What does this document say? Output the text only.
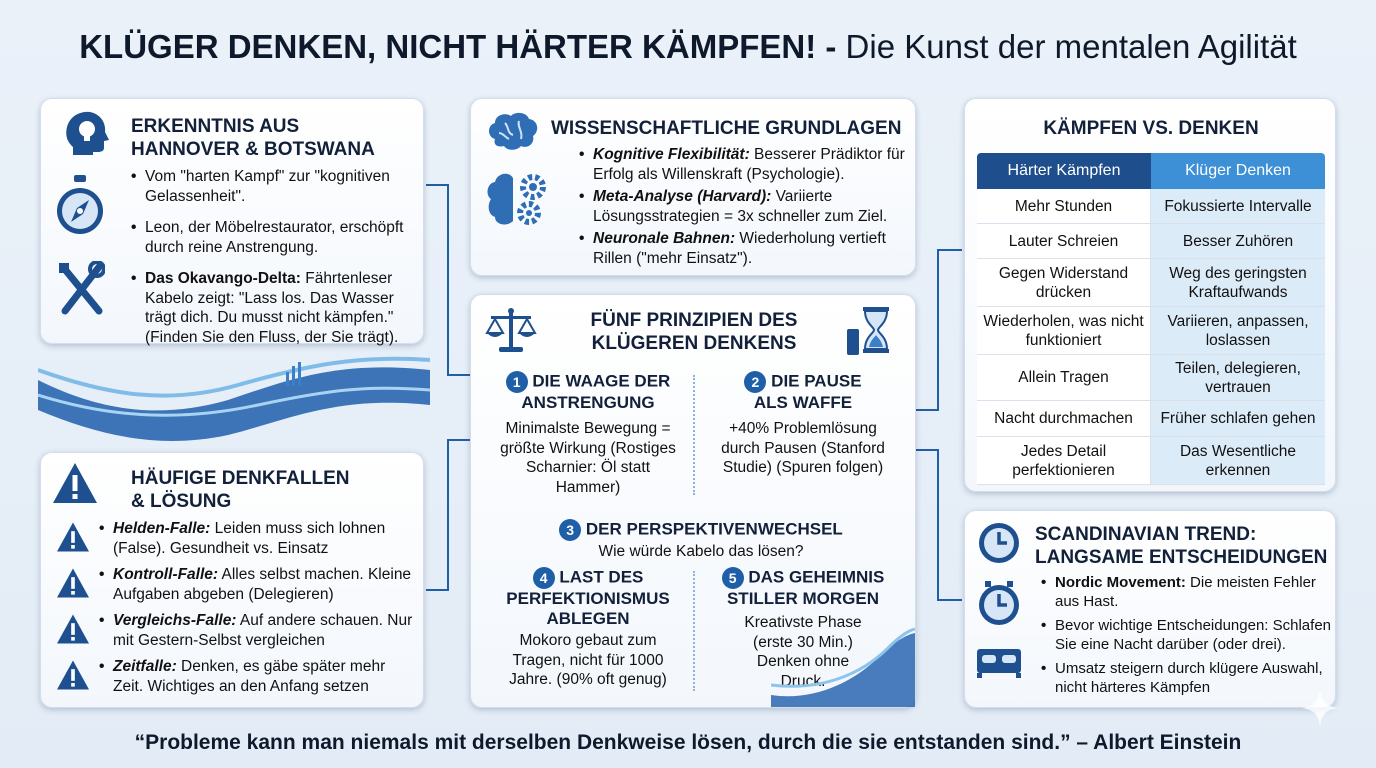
KLÜGER DENKEN, NICHT HÄRTER KÄMPFEN! - Die Kunst der mentalen Agilität
ERKENNTNIS AUS
HANNOVER & BOTSWANA
• Vom "harten Kampf" zur "kognitiven Gelassenheit".
• Leon, der Möbelrestaurator, erschöpft durch reine Anstrengung.
• Das Okavango-Delta: Fährtenleser Kabelo zeigt: "Lass los. Das Wasser trägt dich. Du musst nicht kämpfen." (Finden Sie den Fluss, der Sie trägt).
WISSENSCHAFTLICHE GRUNDLAGEN
• Kognitive Flexibilität: Besserer Prädiktor für Erfolg als Willenskraft (Psychologie).
• Meta-Analyse (Harvard): Variierte Lösungsstrategien = 3x schneller zum Ziel.
• Neuronale Bahnen: Wiederholung vertieft Rillen ("mehr Einsatz").
FÜNF PRINZIPIEN DES
KLÜGEREN DENKENS
1 DIE WAAGE DER
ANSTRENGUNG
Minimalste Bewegung = größte Wirkung (Rostiges Scharnier: Öl statt Hammer)
2 DIE PAUSE
ALS WAFFE
+40% Problemlösung durch Pausen (Stanford Studie) (Spuren folgen)
3 DER PERSPEKTIVENWECHSEL
Wie würde Kabelo das lösen?
4 LAST DES
PERFEKTIONISMUS
ABLEGEN
Mokoro gebaut zum Tragen, nicht für 1000 Jahre. (90% oft genug)
5 DAS GEHEIMNIS
STILLER MORGEN
Kreativste Phase (erste 30 Min.) Denken ohne Druck.
KÄMPFEN VS. DENKEN
Härter Kämpfen	Klüger Denken
Mehr Stunden	Fokussierte Intervalle
Lauter Schreien	Besser Zuhören
Gegen Widerstand drücken	Weg des geringsten Kraftaufwands
Wiederholen, was nicht funktioniert	Variieren, anpassen, loslassen
Allein Tragen	Teilen, delegieren, vertrauen
Nacht durchmachen	Früher schlafen gehen
Jedes Detail perfektionieren	Das Wesentliche erkennen
HÄUFIGE DENKFALLEN
& LÖSUNG
• Helden-Falle: Leiden muss sich lohnen (False). Gesundheit vs. Einsatz
• Kontroll-Falle: Alles selbst machen. Kleine Aufgaben abgeben (Delegieren)
• Vergleichs-Falle: Auf andere schauen. Nur mit Gestern-Selbst vergleichen
• Zeitfalle: Denken, es gäbe später mehr Zeit. Wichtiges an den Anfang setzen
SCANDINAVIAN TREND:
LANGSAME ENTSCHEIDUNGEN
• Nordic Movement: Die meisten Fehler aus Hast.
• Bevor wichtige Entscheidungen: Schlafen Sie eine Nacht darüber (oder drei).
• Umsatz steigern durch klügere Auswahl, nicht härteres Kämpfen
“Probleme kann man niemals mit derselben Denkweise lösen, durch die sie entstanden sind.” – Albert Einstein
